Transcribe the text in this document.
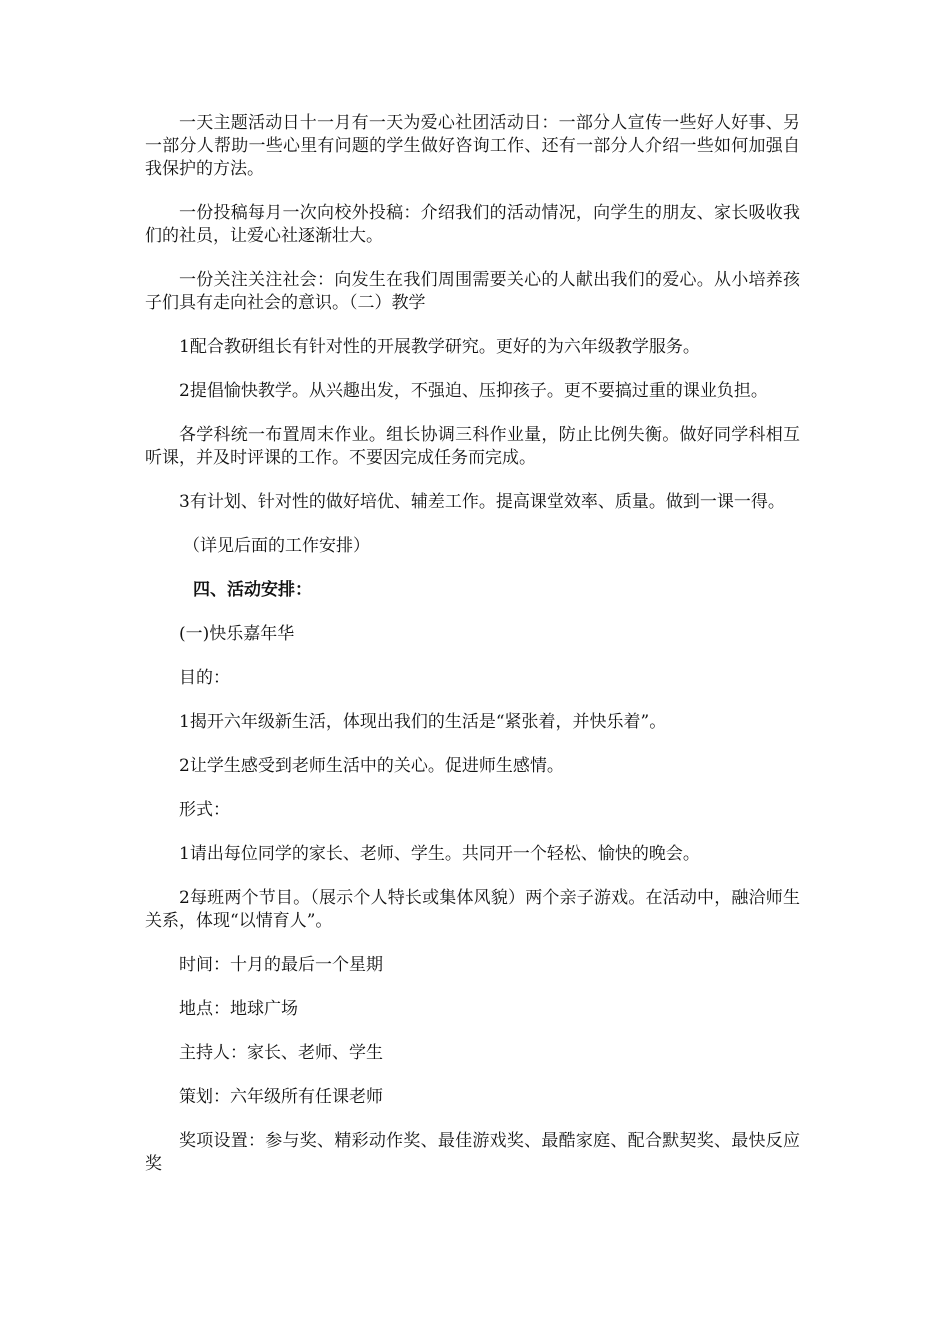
一天主题活动日十一月有一天为爱心社团活动日：一部分人宣传一些好人好事、另一部分人帮助一些心里有问题的学生做好咨询工作、还有一部分人介绍一些如何加强自我保护的方法。

一份投稿每月一次向校外投稿：介绍我们的活动情况，向学生的朋友、家长吸收我们的社员，让爱心社逐渐壮大。

一份关注关注社会：向发生在我们周围需要关心的人献出我们的爱心。从小培养孩子们具有走向社会的意识。（二）教学

1配合教研组长有针对性的开展教学研究。更好的为六年级教学服务。

2提倡愉快教学。从兴趣出发，不强迫、压抑孩子。更不要搞过重的课业负担。

各学科统一布置周末作业。组长协调三科作业量，防止比例失衡。做好同学科相互听课，并及时评课的工作。不要因完成任务而完成。

3有计划、针对性的做好培优、辅差工作。提高课堂效率、质量。做到一课一得。

（详见后面的工作安排）

四、活动安排：

(一)快乐嘉年华

目的：

1揭开六年级新生活，体现出我们的生活是“紧张着，并快乐着”。

2让学生感受到老师生活中的关心。促进师生感情。

形式：

1请出每位同学的家长、老师、学生。共同开一个轻松、愉快的晚会。

2每班两个节目。（展示个人特长或集体风貌）两个亲子游戏。在活动中，融洽师生关系，体现“以情育人”。

时间：十月的最后一个星期

地点：地球广场

主持人：家长、老师、学生

策划：六年级所有任课老师

奖项设置：参与奖、精彩动作奖、最佳游戏奖、最酷家庭、配合默契奖、最快反应奖
